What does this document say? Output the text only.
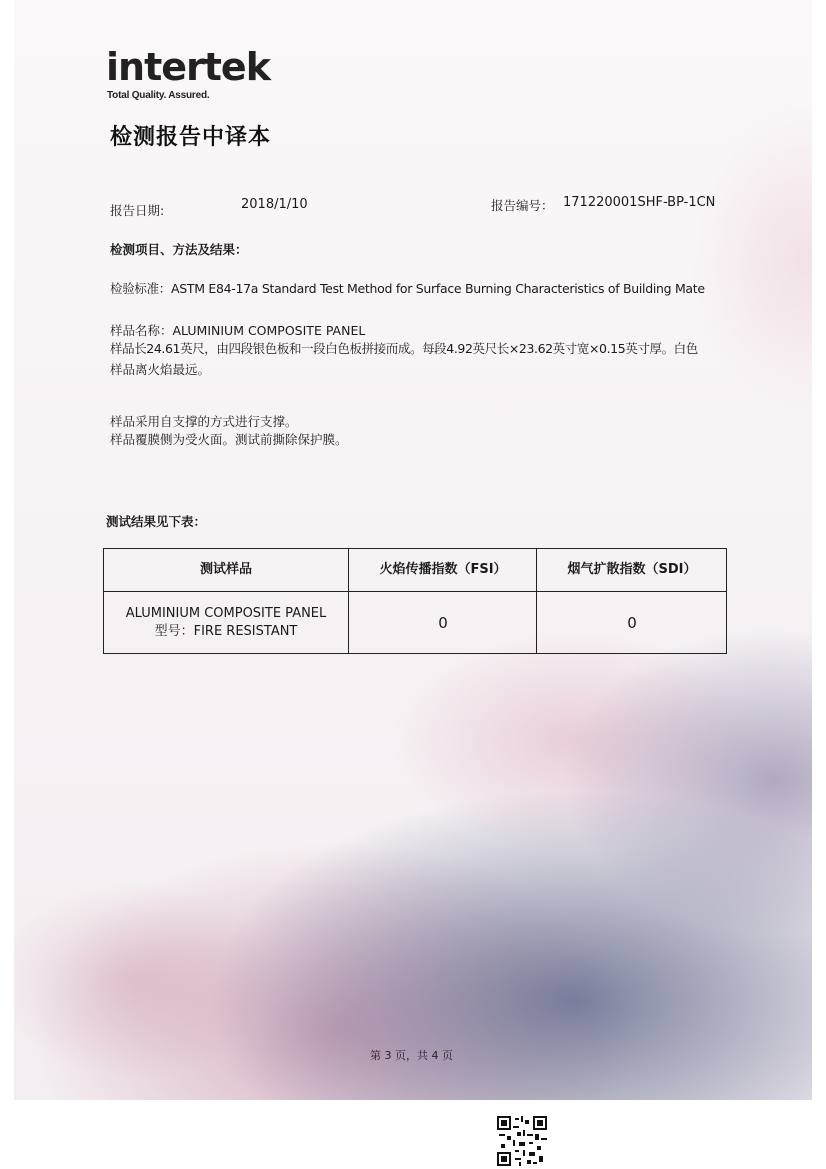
intertek
Total Quality. Assured.
检测报告中译本
报告日期:	2018/1/10	报告编号： 171220001SHF-BP-1CN
检测项目、方法及结果：
检验标准：ASTM E84-17a Standard Test Method for Surface Burning Characteristics of Building Mate
样品名称：ALUMINIUM COMPOSITE PANEL
样品长24.61英尺，由四段银色板和一段白色板拼接而成。每段4.92英尺长×23.62英寸宽×0.15英寸厚。白色
样品离火焰最远。
样品采用自支撑的方式进行支撑。
样品覆膜侧为受火面。测试前撕除保护膜。
测试结果见下表：
测试样品	火焰传播指数（FSI）	烟气扩散指数（SDI）
ALUMINIUM COMPOSITE PANEL
型号：FIRE RESISTANT	0	0
第 3 页，共 4 页
